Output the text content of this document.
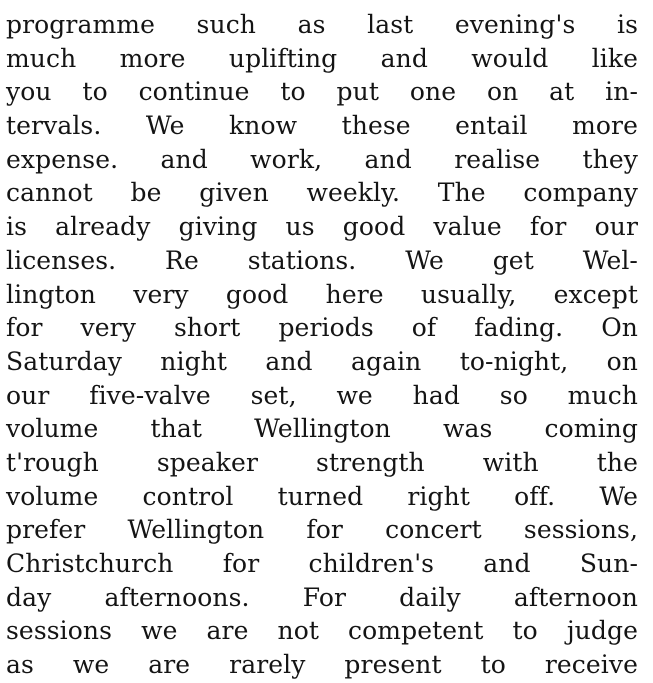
programme such as last evening's is
much more uplifting and would like
you to continue to put one on at in-
tervals. We know these entail more
expense. and work, and realise they
cannot be given weekly. The company
is already giving us good value for our
licenses. Re stations. We get Wel-
lington very good here usually, except
for very short periods of fading. On
Saturday night and again to-night, on
our five-valve set, we had so much
volume that Wellington was coming
t'rough speaker strength with the
volume control turned right off. We
prefer Wellington for concert sessions,
Christchurch for children's and Sun-
day afternoons. For daily afternoon
sessions we are not competent to judge
as we are rarely present to receive
